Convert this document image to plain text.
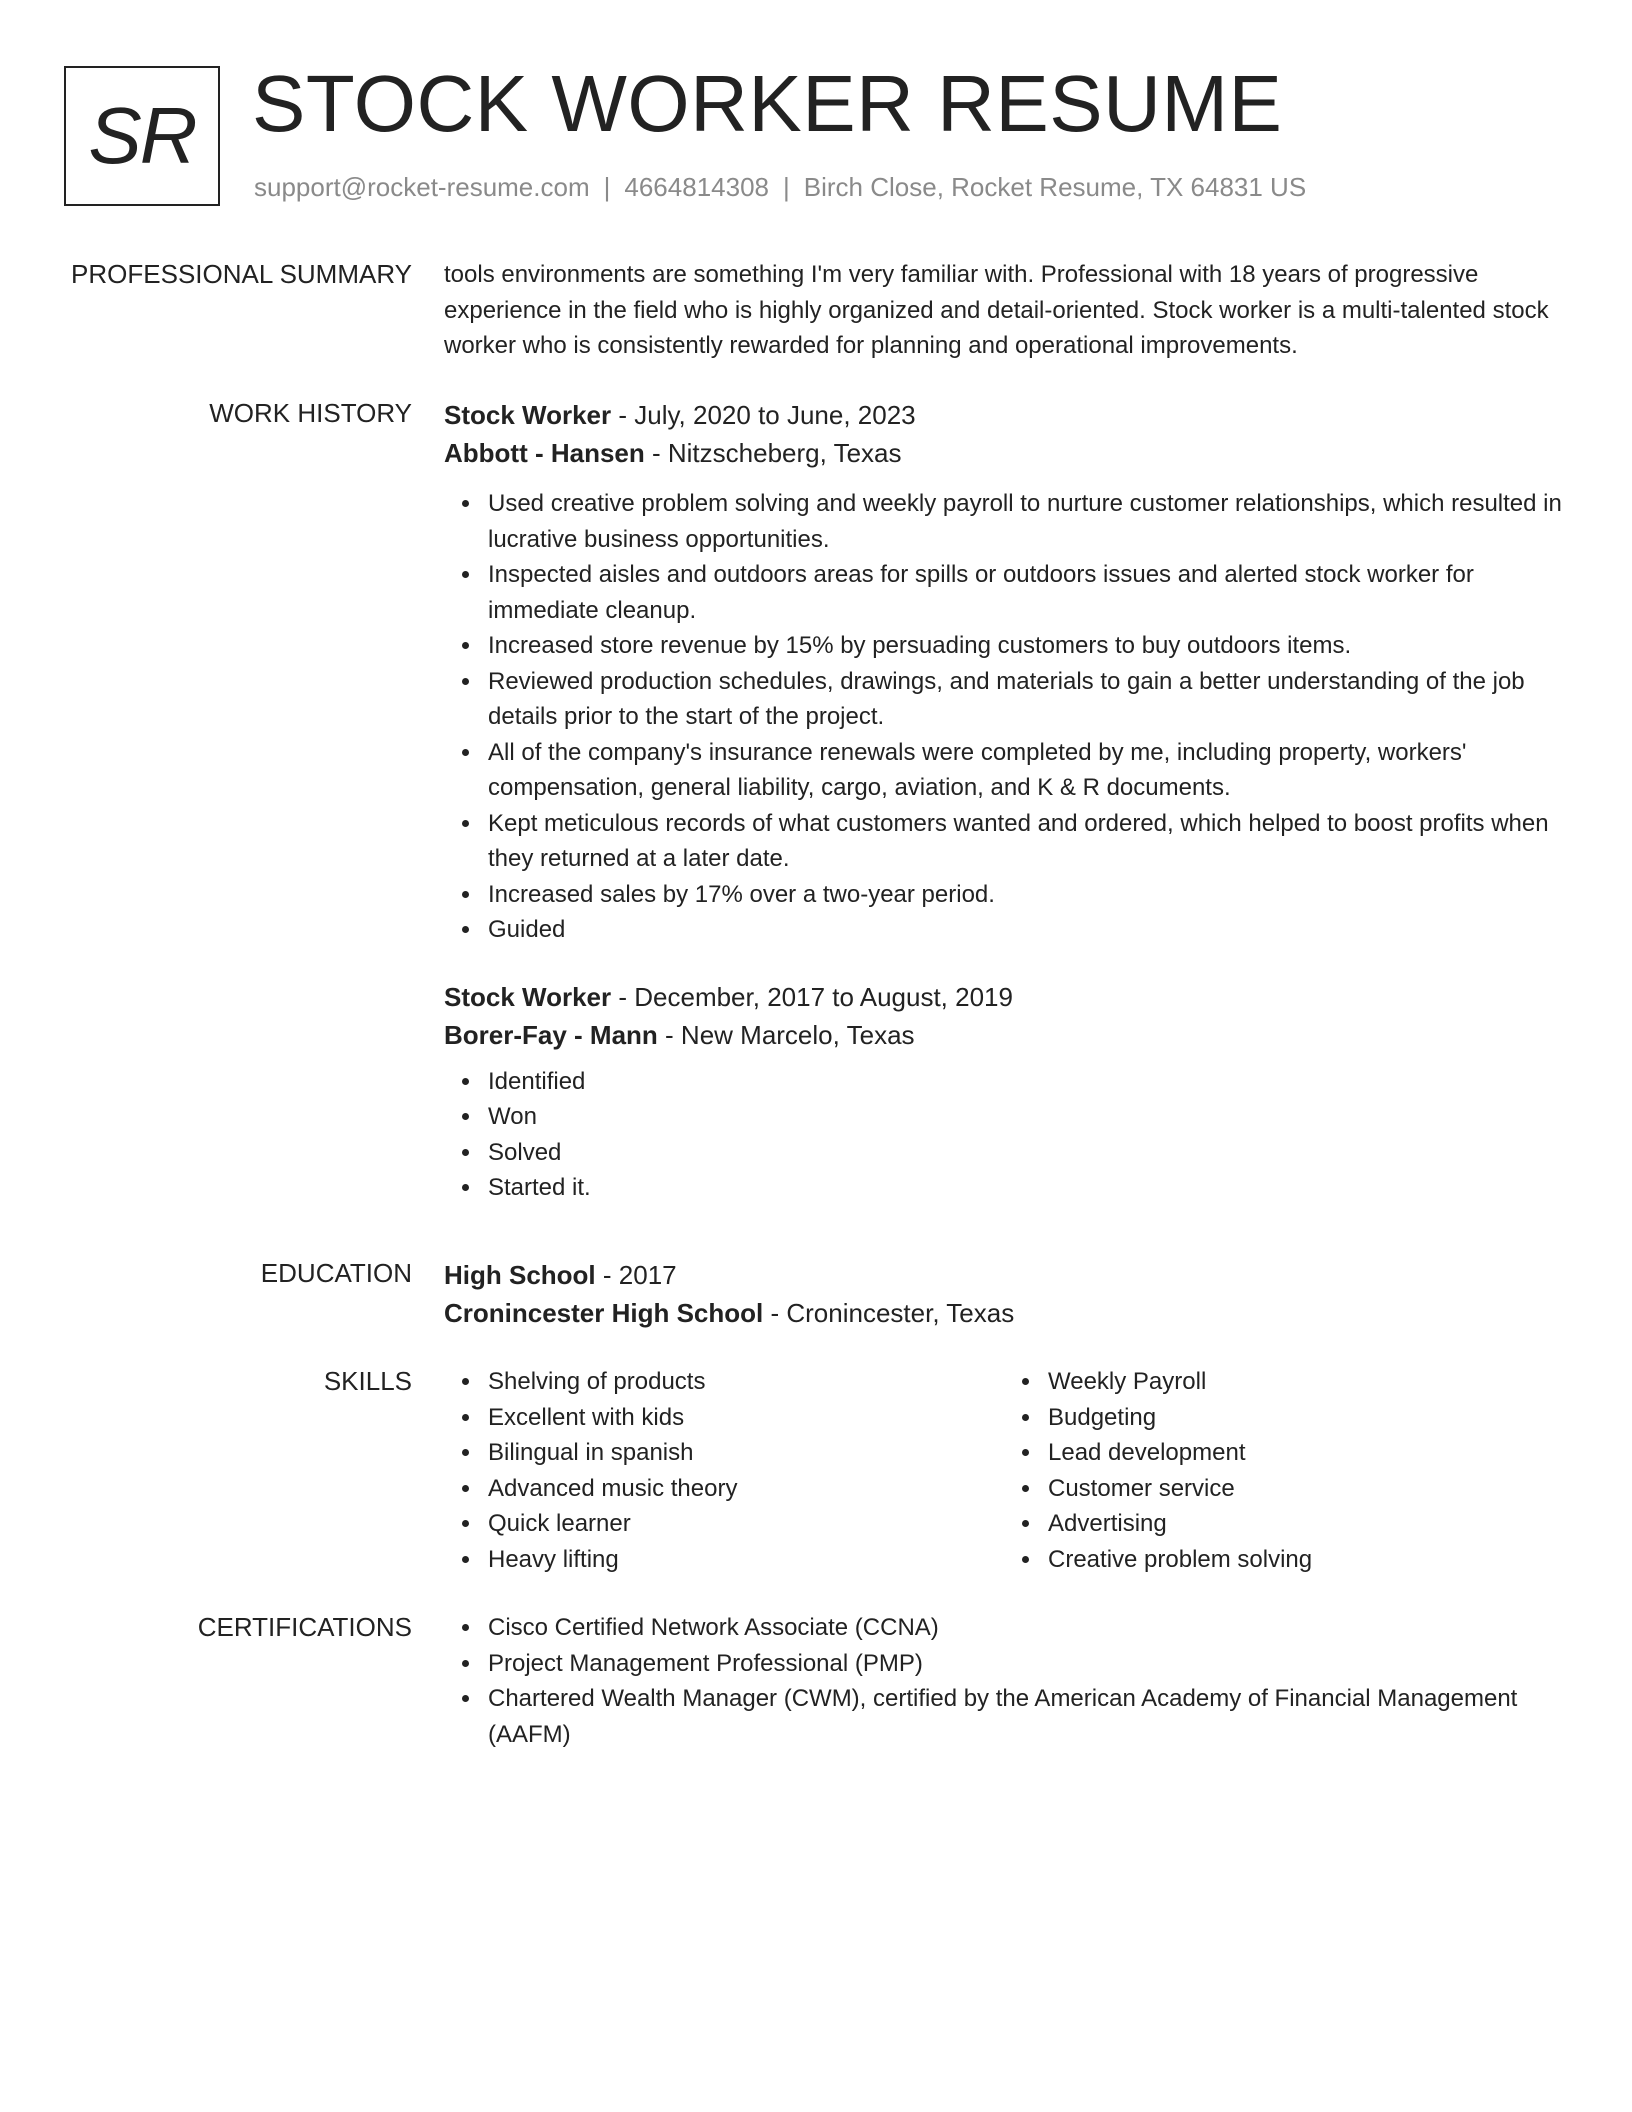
SR STOCK WORKER RESUME
support@rocket-resume.com | 4664814308 | Birch Close, Rocket Resume, TX 64831 US
PROFESSIONAL SUMMARY tools environments are something I'm very familiar with. Professional with 18 years of progressive experience in the field who is highly organized and detail-oriented. Stock worker is a multi-talented stock worker who is consistently rewarded for planning and operational improvements.

WORK HISTORY Stock Worker - July, 2020 to June, 2023
Abbott - Hansen - Nitzscheberg, Texas
Used creative problem solving and weekly payroll to nurture customer relationships, which resulted in lucrative business opportunities.
Inspected aisles and outdoors areas for spills or outdoors issues and alerted stock worker for immediate cleanup.
Increased store revenue by 15% by persuading customers to buy outdoors items.
Reviewed production schedules, drawings, and materials to gain a better understanding of the job details prior to the start of the project.
All of the company's insurance renewals were completed by me, including property, workers' compensation, general liability, cargo, aviation, and K & R documents.
Kept meticulous records of what customers wanted and ordered, which helped to boost profits when they returned at a later date.
Increased sales by 17% over a two-year period.
Guided
Stock Worker - December, 2017 to August, 2019
Borer-Fay - Mann - New Marcelo, Texas
Identified
Won
Solved
Started it.
EDUCATION High School - 2017
Cronincester High School - Cronincester, Texas
SKILLS	Shelving of products
Excellent with kids
Bilingual in spanish
Advanced music theory
Quick learner
Heavy lifting
Weekly Payroll
Budgeting
Lead development
Customer service
Advertising
Creative problem solving
CERTIFICATIONS	Cisco Certified Network Associate (CCNA)
Project Management Professional (PMP)
Chartered Wealth Manager (CWM), certified by the American Academy of Financial Management (AAFM)
